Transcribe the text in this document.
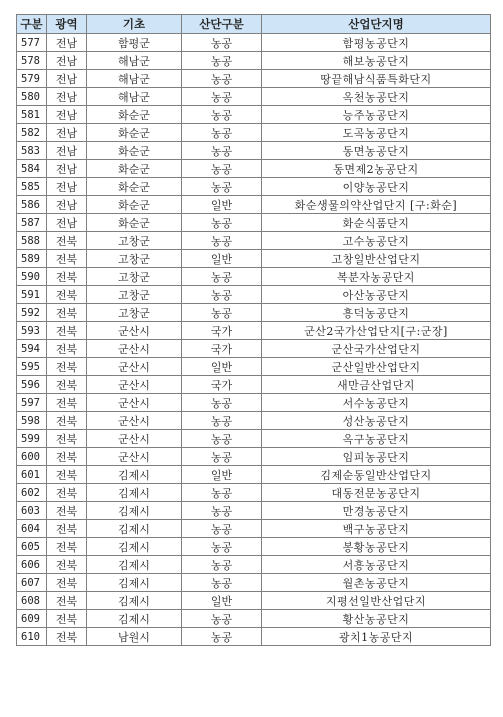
구분	광역	기초	산단구분	산업단지명
577	전남	함평군	농공	함평농공단지
578	전남	해남군	농공	해보농공단지
579	전남	해남군	농공	땅끝해남식품특화단지
580	전남	해남군	농공	옥천농공단지
581	전남	화순군	농공	능주농공단지
582	전남	화순군	농공	도곡농공단지
583	전남	화순군	농공	동면농공단지
584	전남	화순군	농공	동면제2농공단지
585	전남	화순군	농공	이양농공단지
586	전남	화순군	일반	화순생물의약산업단지 [구:화순]
587	전남	화순군	농공	화순식품단지
588	전북	고창군	농공	고수농공단지
589	전북	고창군	일반	고창일반산업단지
590	전북	고창군	농공	복분자농공단지
591	전북	고창군	농공	아산농공단지
592	전북	고창군	농공	흥덕농공단지
593	전북	군산시	국가	군산2국가산업단지[구:군장]
594	전북	군산시	국가	군산국가산업단지
595	전북	군산시	일반	군산일반산업단지
596	전북	군산시	국가	새만금산업단지
597	전북	군산시	농공	서수농공단지
598	전북	군산시	농공	성산농공단지
599	전북	군산시	농공	옥구농공단지
600	전북	군산시	농공	임피농공단지
601	전북	김제시	일반	김제순동일반산업단지
602	전북	김제시	농공	대동전문농공단지
603	전북	김제시	농공	만경농공단지
604	전북	김제시	농공	백구농공단지
605	전북	김제시	농공	봉황농공단지
606	전북	김제시	농공	서흥농공단지
607	전북	김제시	농공	월촌농공단지
608	전북	김제시	일반	지평선일반산업단지
609	전북	김제시	농공	황산농공단지
610	전북	남원시	농공	광치1농공단지
